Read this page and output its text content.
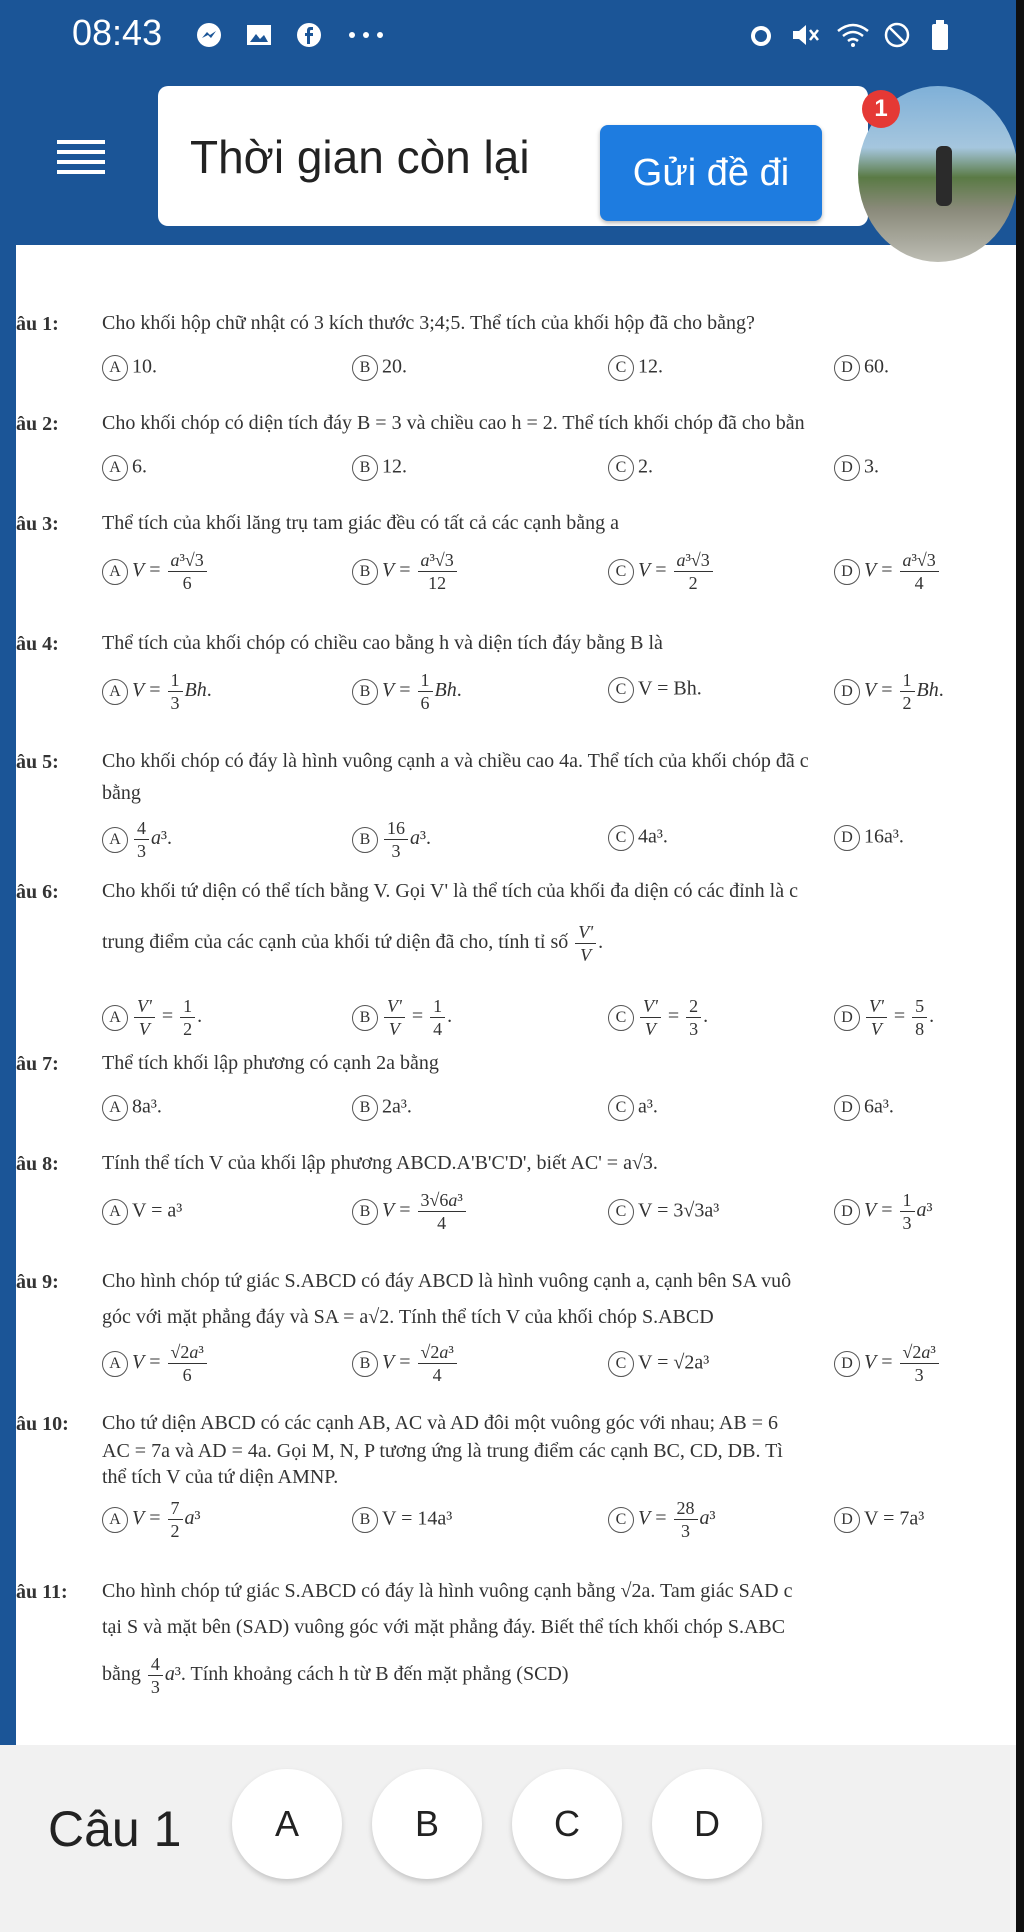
08:43
Thời gian còn lại	Gửi đề đi
1
âu 1: Cho khối hộp chữ nhật có 3 kích thước 3;4;5. Thể tích của khối hộp đã cho bằng?
A 10.	B 20.	C 12.	D 60.
âu 2: Cho khối chóp có diện tích đáy B = 3 và chiều cao h = 2. Thể tích khối chóp đã cho bằn
A 6.	B 12.	C 2.	D 3.
âu 3: Thể tích của khối lăng trụ tam giác đều có tất cả các cạnh bằng a
A $V = \frac{\text{a³√3}}{6}$	B $V = \frac{\text{a³√3}}{12}$	C $V = \frac{\text{a³√3}}{2}$	D $V = \frac{\text{a³√3}}{4}$
âu 4: Thể tích của khối chóp có chiều cao bằng h và diện tích đáy bằng B là
A $V = \frac{1}{3} Bh$.	B $V = \frac{1}{6} Bh$.	C V = Bh.	D $V = \frac{1}{2} Bh$.
âu 5: Cho khối chóp có đáy là hình vuông cạnh a và chiều cao 4a. Thể tích của khối chóp đã c
bằng
A $\frac{4}{3} a^3$.	B $\frac{16}{3} a^3$.	C 4a³.	D 16a³.
âu 6: Cho khối tứ diện có thể tích bằng V. Gọi V' là thể tích của khối đa diện có các đỉnh là c
trung điểm của các cạnh của khối tứ diện đã cho, tính tỉ số $\frac{V'}{V}$ .
A $\frac{V'}{V} = \frac{1}{2}$ .	B $\frac{V'}{V} = \frac{1}{4}$ .	C $\frac{V'}{V} = \frac{2}{3}$ .	D $\frac{V'}{V} = \frac{5}{8}$ .
âu 7: Thể tích khối lập phương có cạnh 2a bằng
A 8a³.	B 2a³.	C a³.	D 6a³.
âu 8: Tính thể tích V của khối lập phương ABCD.A'B'C'D', biết AC' = a√3.
A V = a³	B $V = \frac{\text{3√6a³}}{4}$	C V = 3√3a³	D $V = \frac{1}{3} a^3$
âu 9: Cho hình chóp tứ giác S.ABCD có đáy ABCD là hình vuông cạnh a, cạnh bên SA vuô
góc với mặt phẳng đáy và SA = a√2. Tính thể tích V của khối chóp S.ABCD
A $V = \frac{\text{√2a³}}{6}$	B $V = \frac{\text{√2a³}}{4}$	C V = √2a³	D $V = \frac{\text{√2a³}}{3}$
âu 10: Cho tứ diện ABCD có các cạnh AB, AC và AD đôi một vuông góc với nhau; AB = 6
AC = 7a và AD = 4a. Gọi M, N, P tương ứng là trung điểm các cạnh BC, CD, DB. Tì
thể tích V của tứ diện AMNP.
A $V = \frac{7}{2} a^3$	B V = 14a³	C $V = \frac{28}{3} a^3$	D V = 7a³
âu 11: Cho hình chóp tứ giác S.ABCD có đáy là hình vuông cạnh bằng √2a. Tam giác SAD c
tại S và mặt bên (SAD) vuông góc với mặt phẳng đáy. Biết thể tích khối chóp S.ABC
bằng $\frac{4}{3} a^3$. Tính khoảng cách h từ B đến mặt phẳng (SCD)
Câu 1	A	B	C	D
